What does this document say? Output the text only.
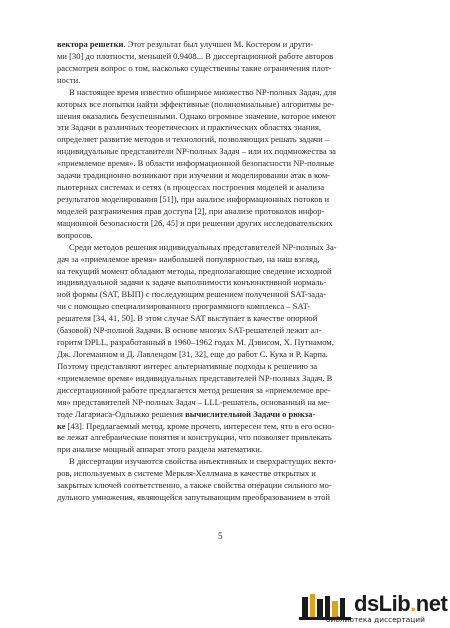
вектора решетки. Этот результат был улучшен М. Костером и други-
ми [30] до плотности, меньшей 0.9408... В диссертационной работе авторов
рассмотрен вопрос о том, насколько существенны такие ограничения плот-
ности.

В настоящее время известно обширное множество NP-полных Задач, для
которых все попытки найти эффективные (полиномиальные) алгоритмы ре-
шения оказались безуспешными. Однако огромное значение, которое имеют
эти Задачи в различных теоретических и практических областях знания,
определяет развитие методов и технологий, позволяющих решать задачи –
индивидуальные представители NP-полных Задач – или их подмножества за
«приемлемое время». В области информационной безопасности NP-полные
задачи традиционно возникают при изучении и моделировании атак в ком-
пьютерных системах и сетях (в процессах построения моделей и анализа
результатов моделирования [51]), при анализе информационных потоков и
моделей разграничения прав доступа [2], при анализе протоколов инфор-
мационной безопасности [26, 45] и при решении других исследовательских
вопросов.

Среди методов решения индивидуальных представителей NP-полных За-
дач за «приемлемое время» наибольшей популярностью, на наш взгляд,
на текущий момент обладают методы, предполагающие сведение исходной
индивидуальной задачи к задаче выполнимости конъюнктивной нормаль-
ной формы (SAT, ВЫП) с последующим решением полученной SAT-зада-
чи с помощью специализированного программного комплекса – SAT-
решателя [34, 41, 50]. В этом случае SAT выступает в качестве опорной
(базовой) NP-полной Задачи. В основе многих SAT-решателей лежит ал-
горитм DPLL, разработанный в 1960–1962 годах М. Дэвисом, Х. Путнамом,
Дж. Логеманном и Д. Лавлендом [31, 32], еще до работ С. Кука и Р. Карпа.
Поэтому представляют интерес альтернативные подходы к решению за
«приемлемое время» индивидуальных представителей NP-полных Задач. В
диссертационной работе предлагается метод решения за «приемлемое вре-
мя» представителей NP-полных Задач – LLL-решатель, основанный на ме-
тоде Лагариаса-Одлыжко решения вычислительной Задачи о рюкза-
ке [43]. Предлагаемый метод, кроме прочего, интересен тем, что в его осно-
ве лежат алгебраические понятия и конструкции, что позволяет привлекать
при анализе мощный аппарат этого раздела математики.

В диссертации изучаются свойства инъективных и сверхрастущих векто-
ров, используемых в системе Меркля-Хеллмана в качестве открытых и
закрытых ключей соответственно, а также свойства операции сильного мо-
дульного умножения, являющейся запутывающим преобразованием в этой

5
dsLib.net
библиотека диссертаций
